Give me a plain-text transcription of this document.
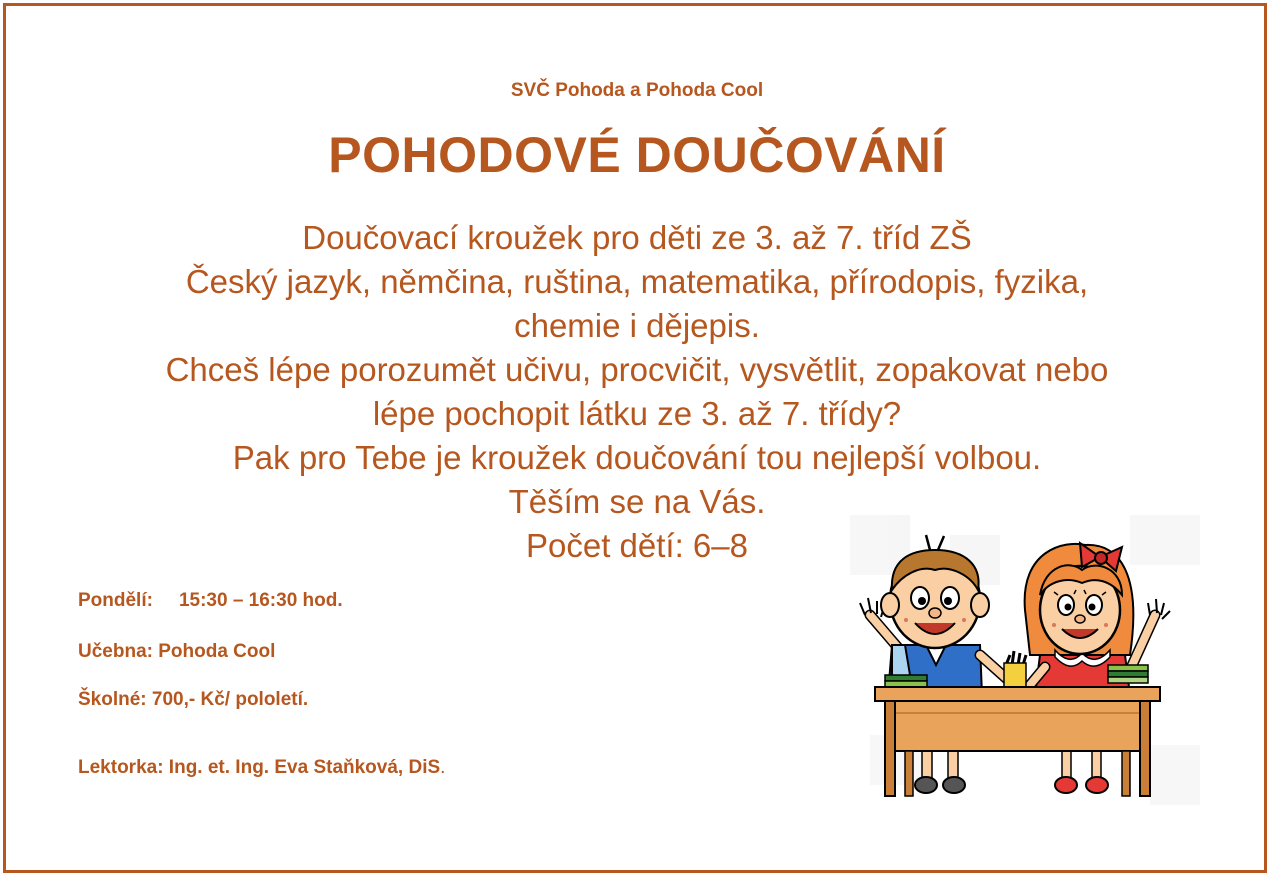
SVČ Pohoda a Pohoda Cool
POHODOVÉ DOUČOVÁNÍ
Doučovací kroužek pro děti ze 3. až 7. tříd ZŠ
Český jazyk, němčina, ruština, matematika, přírodopis, fyzika,
chemie i dějepis.
Chceš lépe porozumět učivu, procvičit, vysvětlit, zopakovat nebo
lépe pochopit látku ze 3. až 7. třídy?
Pak pro Tebe je kroužek doučování tou nejlepší volbou.
Těším se na Vás.
Počet dětí: 6–8
Pondělí: 15:30 – 16:30 hod.
Učebna: Pohoda Cool
Školné: 700,- Kč/ pololetí.
Lektorka: Ing. et. Ing. Eva Staňková, DiS.
